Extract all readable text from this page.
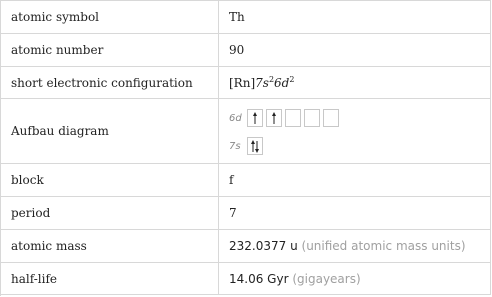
atomic symbol	Th
atomic number	90
short electronic configuration	[Rn] $7s^2$ $6d^2$
Aufbau diagram
6d
7s
block	f
period	7
atomic mass	232.0377 u
(unified atomic mass units)
half-life	14.06 Gyr
(gigayears)
